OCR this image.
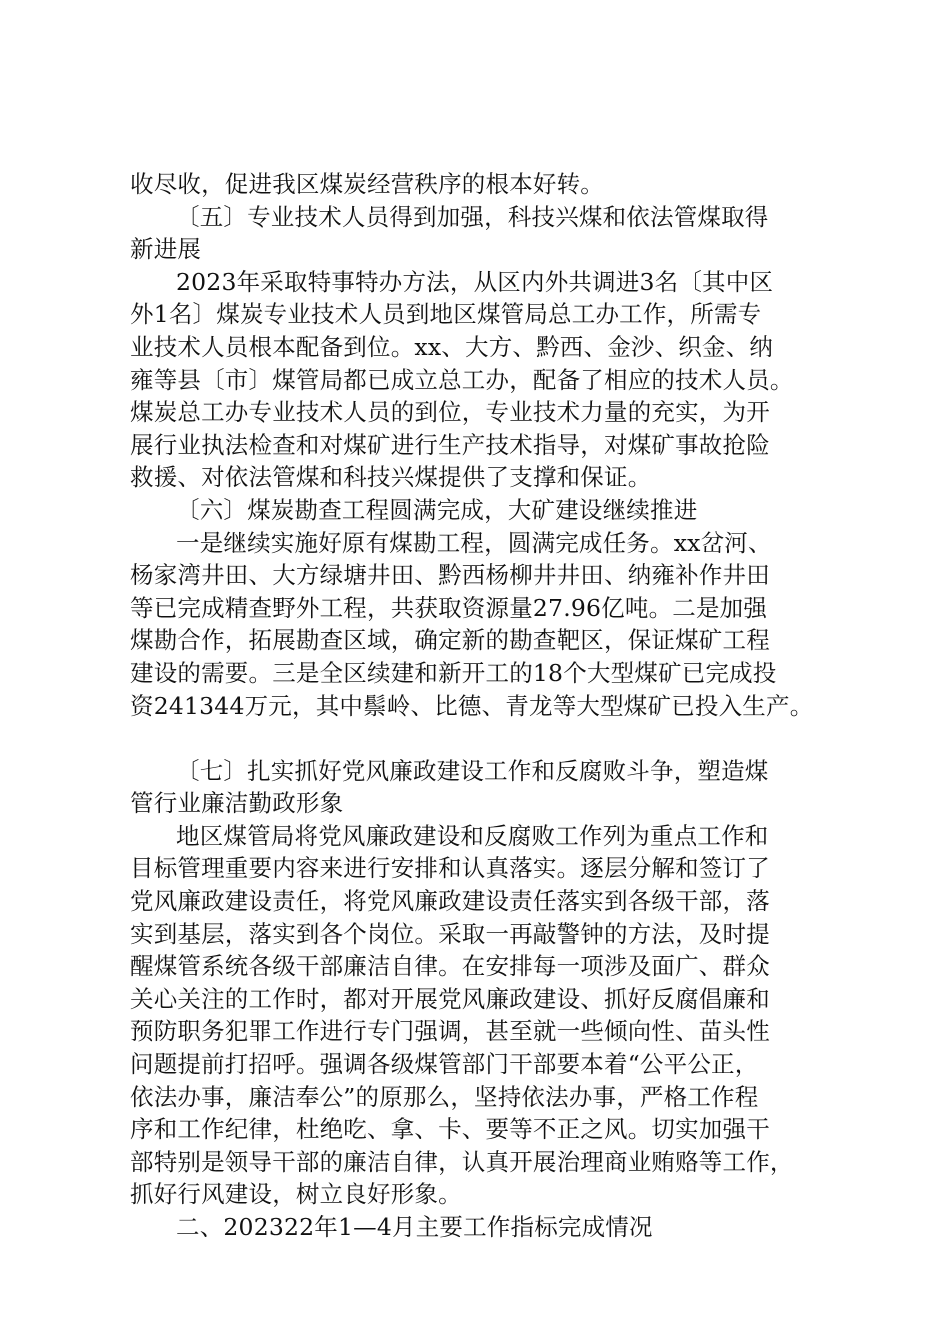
收尽收，促进我区煤炭经营秩序的根本好转。
〔五〕专业技术人员得到加强，科技兴煤和依法管煤取得
新进展
2023年采取特事特办方法，从区内外共调进3名〔其中区
外1名〕煤炭专业技术人员到地区煤管局总工办工作，所需专
业技术人员根本配备到位。xx、大方、黔西、金沙、织金、纳
雍等县〔市〕煤管局都已成立总工办，配备了相应的技术人员。
煤炭总工办专业技术人员的到位，专业技术力量的充实，为开
展行业执法检查和对煤矿进行生产技术指导，对煤矿事故抢险
救援、对依法管煤和科技兴煤提供了支撑和保证。
〔六〕煤炭勘查工程圆满完成，大矿建设继续推进
一是继续实施好原有煤勘工程，圆满完成任务。xx岔河、
杨家湾井田、大方绿塘井田、黔西杨柳井井田、纳雍补作井田
等已完成精查野外工程，共获取资源量27.96亿吨。二是加强
煤勘合作，拓展勘查区域，确定新的勘查靶区，保证煤矿工程
建设的需要。三是全区续建和新开工的18个大型煤矿已完成投
资241344万元，其中鬃岭、比德、青龙等大型煤矿已投入生产。
〔七〕扎实抓好党风廉政建设工作和反腐败斗争，塑造煤
管行业廉洁勤政形象
地区煤管局将党风廉政建设和反腐败工作列为重点工作和
目标管理重要内容来进行安排和认真落实。逐层分解和签订了
党风廉政建设责任，将党风廉政建设责任落实到各级干部，落
实到基层，落实到各个岗位。采取一再敲警钟的方法，及时提
醒煤管系统各级干部廉洁自律。在安排每一项涉及面广、群众
关心关注的工作时，都对开展党风廉政建设、抓好反腐倡廉和
预防职务犯罪工作进行专门强调，甚至就一些倾向性、苗头性
问题提前打招呼。强调各级煤管部门干部要本着“公平公正，
依法办事，廉洁奉公”的原那么，坚持依法办事，严格工作程
序和工作纪律，杜绝吃、拿、卡、要等不正之风。切实加强干
部特别是领导干部的廉洁自律，认真开展治理商业贿赂等工作，
抓好行风建设，树立良好形象。
二、202322年1—4月主要工作指标完成情况
